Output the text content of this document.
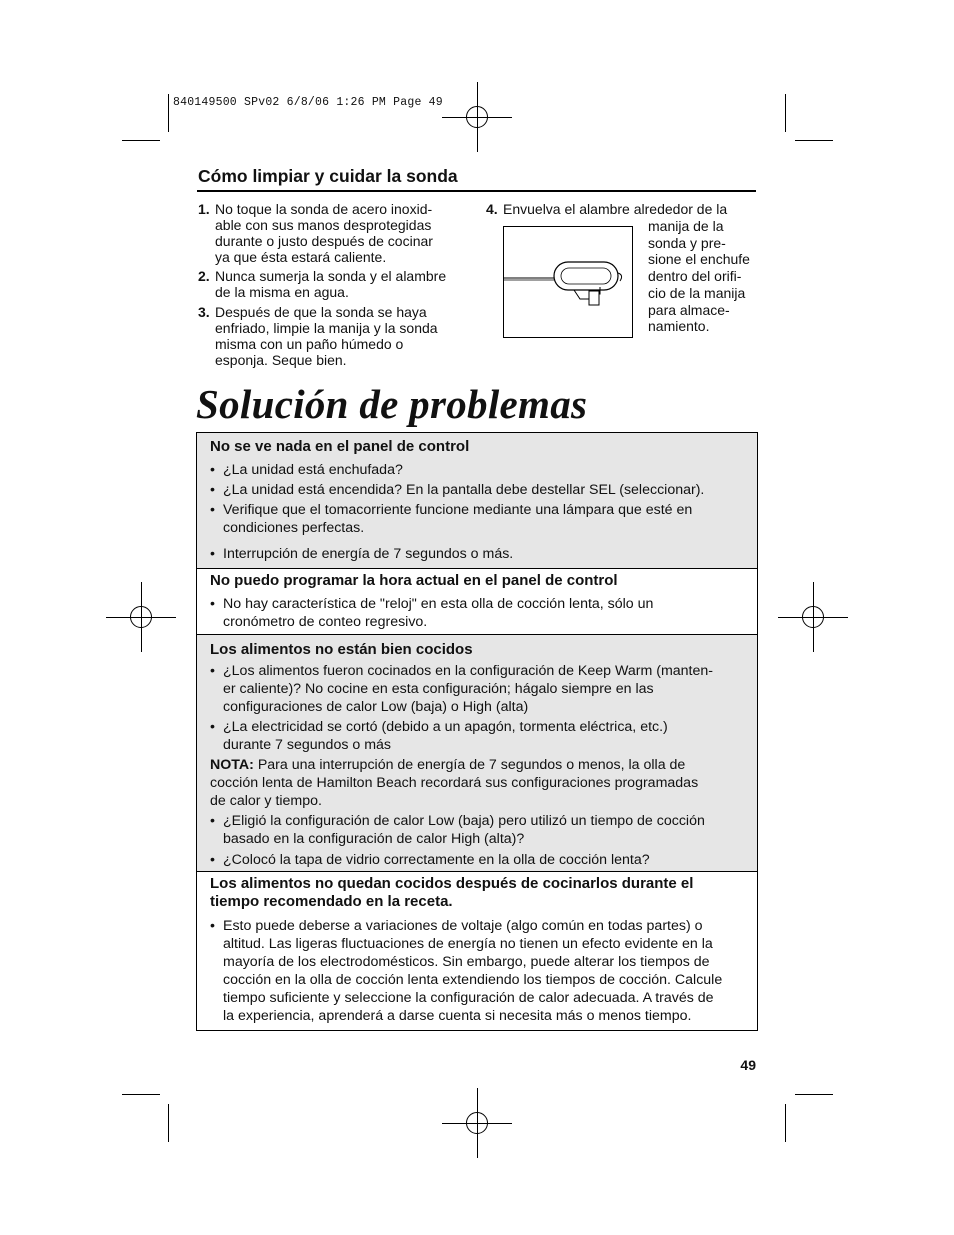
840149500 SPv02 6/8/06 1:26 PM Page 49
Cómo limpiar y cuidar la sonda
1. No toque la sonda de acero inoxid-
able con sus manos desprotegidas
durante o justo después de cocinar
ya que ésta estará caliente.
2. Nunca sumerja la sonda y el alambre
de la misma en agua.
3. Después de que la sonda se haya
enfriado, limpie la manija y la sonda
misma con un paño húmedo o
esponja. Seque bien.
4. Envuelva el alambre alrededor de la
manija de la
sonda y pre-
sione el enchufe
dentro del orifi-
cio de la manija
para almace-
namiento.
Solución de problemas
No se ve nada en el panel de control
• ¿La unidad está enchufada?
• ¿La unidad está encendida? En la pantalla debe destellar SEL (seleccionar).
• Verifique que el tomacorriente funcione mediante una lámpara que esté en
condiciones perfectas.
• Interrupción de energía de 7 segundos o más.
No puedo programar la hora actual en el panel de control
• No hay característica de "reloj" en esta olla de cocción lenta, sólo un
cronómetro de conteo regresivo.
Los alimentos no están bien cocidos
• ¿Los alimentos fueron cocinados en la configuración de Keep Warm (manten-
er caliente)? No cocine en esta configuración; hágalo siempre en las
configuraciones de calor Low (baja) o High (alta)
• ¿La electricidad se cortó (debido a un apagón, tormenta eléctrica, etc.)
durante 7 segundos o más
NOTA: Para una interrupción de energía de 7 segundos o menos, la olla de
cocción lenta de Hamilton Beach recordará sus configuraciones programadas
de calor y tiempo.
• ¿Eligió la configuración de calor Low (baja) pero utilizó un tiempo de cocción
basado en la configuración de calor High (alta)?
• ¿Colocó la tapa de vidrio correctamente en la olla de cocción lenta?
Los alimentos no quedan cocidos después de cocinarlos durante el
tiempo recomendado en la receta.
• Esto puede deberse a variaciones de voltaje (algo común en todas partes) o
altitud. Las ligeras fluctuaciones de energía no tienen un efecto evidente en la
mayoría de los electrodomésticos. Sin embargo, puede alterar los tiempos de
cocción en la olla de cocción lenta extendiendo los tiempos de cocción. Calcule
tiempo suficiente y seleccione la configuración de calor adecuada. A través de
la experiencia, aprenderá a darse cuenta si necesita más o menos tiempo.
49
